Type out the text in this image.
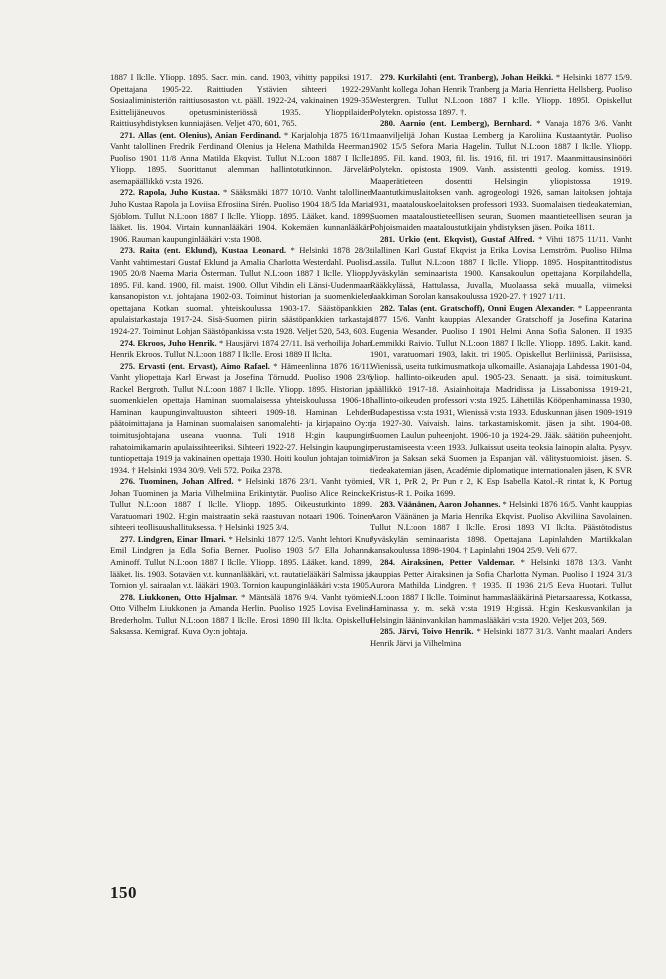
1887 I lk:lle. Yliopp. 1895. Sacr. min. cand. 1903, vihitty pappiksi 1917. Opettajana 1905-22. Raittiuden Ystävien sihteeri 1922-29. Sosiaaliministeriön raittiusosaston v.t. pääll. 1922-24, vakinainen 1929-35. Esittelijäneuvos opetusministeriössä 1935. Ylioppilaiden Raittiusyhdistyksen kunniajäsen. Veljet 470, 601, 765.

271. Allas (ent. Olenius), Anian Ferdinand. * Karjalohja 1875 16/11. Vanht talollinen Fredrik Ferdinand Olenius ja Helena Mathilda Heerman. Puoliso 1901 11/8 Anna Matilda Ekqvist. Tullut N.L:oon 1887 I lk:lle. Yliopp. 1895. Suorittanut alemman hallintotutkinnon. Järvelän asemapäällikkö v:sta 1926.

272. Rapola, Juho Kustaa. * Sääksmäki 1877 10/10. Vanht talollinen Juho Kustaa Rapola ja Loviisa Efrosiina Sirén. Puoliso 1904 18/5 Ida Maria Sjöblom. Tullut N.L:oon 1887 I lk:lle. Yliopp. 1895. Lääket. kand. 1899, lääket. lis. 1904. Virtain kunnanlääkäri 1904. Kokemäen kunnanlääkäri 1906. Rauman kaupunginlääkäri v:sta 1908.

273. Raita (ent. Eklund), Kustaa Leonard. * Helsinki 1878 28/3. Vanht vahtimestari Gustaf Eklund ja Amalia Charlotta Westerdahl. Puoliso 1905 20/8 Naema Maria Österman. Tullut N.L:oon 1887 I lk:lle. Yliopp. 1895. Fil. kand. 1900, fil. maist. 1900. Ollut Vihdin eli Länsi-Uudenmaan kansanopiston v.t. johtajana 1902-03. Toiminut historian ja suomenkielen opettajana Kotkan suomal. yhteiskoulussa 1903-17. Säästöpankkien apulaistarkastaja 1917-24. Sisä-Suomen piirin säästöpankkien tarkastaja 1924-27. Toiminut Lohjan Säästöpankissa v:sta 1928. Veljet 520, 543, 603.

274. Ekroos, Juho Henrik. * Hausjärvi 1874 27/11. Isä verhoilija Johan Henrik Ekroos. Tullut N.L:oon 1887 I lk:lle. Erosi 1889 II lk:lta.

275. Ervasti (ent. Ervast), Aimo Rafael. * Hämeenlinna 1876 16/11. Vanht yliopettaja Karl Erwast ja Josefina Törnudd. Puoliso 1908 23/6 Rackel Bergroth. Tullut N.L:oon 1887 I lk:lle. Yliopp. 1895. Historian ja suomenkielen opettaja Haminan suomalaisessa yhteiskoulussa 1906-18. Haminan kaupunginvaltuuston sihteeri 1909-18. Haminan Lehden päätoimittajana ja Haminan suomalaisen sanomalehti- ja kirjapaino Oy:n toimitusjohtajana useana vuonna. Tuli 1918 H:gin kaupungin rahatoimikamarin apulaissihteeriksi. Sihteeri 1922-27. Helsingin kaupungin tuntiopettaja 1919 ja vakinainen opettaja 1930. Hoiti koulun johtajan toimia 1934. † Helsinki 1934 30/9. Veli 572. Poika 2378.

276. Tuominen, Johan Alfred. * Helsinki 1876 23/1. Vanht työmies Johan Tuominen ja Maria Vilhelmiina Erikintytär. Puoliso Alice Reincke. Tullut N.L:oon 1887 I lk:lle. Yliopp. 1895. Oikeustutkinto 1899. Varatuomari 1902. H:gin maistraatin sekä raastuvan notaari 1906. Toinen sihteeri teollisuushallituksessa. † Helsinki 1925 3/4.

277. Lindgren, Einar Ilmari. * Helsinki 1877 12/5. Vanht lehtori Knut Emil Lindgren ja Edla Sofia Berner. Puoliso 1903 5/7 Ella Johanna Aminoff. Tullut N.L:oon 1887 I lk:lle. Yliopp. 1895. Lääket. kand. 1899, lääket. lis. 1903. Sotaväen v.t. kunnanlääkäri, v.t. rautatielääkäri Salmissa ja Tornion yl. sairaalan v.t. lääkäri 1903. Tornion kaupunginlääkäri v:sta 1905.

278. Liukkonen, Otto Hjalmar. * Mäntsälä 1876 9/4. Vanht työmies Otto Vilhelm Liukkonen ja Amanda Herlin. Puoliso 1925 Lovisa Evelina Brederholm. Tullut N.L:oon 1887 I lk:lle. Erosi 1890 III lk:lta. Opiskellut Saksassa. Kemigraf. Kuva Oy:n johtaja.

279. Kurkilahti (ent. Tranberg), Johan Heikki. * Helsinki 1877 15/9. Vanht kollega Johan Henrik Tranberg ja Maria Henrietta Hellsberg. Puoliso Westergren. Tullut N.L:oon 1887 I k:lle. Yliopp. 1895l. Opiskellut Polytekn. opistossa 1897. †.

280. Aarnio (ent. Lemberg), Bernhard. * Vanaja 1876 3/6. Vanht maanviljelijä Johan Kustaa Lemberg ja Karoliina Kustaantytär. Puoliso 1902 15/5 Sefora Maria Hagelin. Tullut N.L:oon 1887 I lk:lle. Yliopp. 1895. Fil. kand. 1903, fil. lis. 1916, fil. tri 1917. Maanmittausinsinööri Polytekn. opistosta 1909. Vanh. assistentti geolog. komiss. 1919. Maaperätieteen dosentti Helsingin yliopistossa 1919. Maantutkimuslaitoksen vanh. agrogeologi 1926, saman laitoksen johtaja 1931, maatalouskoelaitoksen professori 1933. Suomalaisen tiedeakatemian, Suomen maataloustieteellisen seuran, Suomen maantieteellisen seuran ja Pohjoismaiden maataloustutkijain yhdistyksen jäsen. Poika 1811.

281. Urkio (ent. Ekqvist), Gustaf Alfred. * Vihti 1875 11/11. Vanht tilallinen Karl Gustaf Ekqvist ja Erika Lovisa Lemström. Puoliso Hilma Lassila. Tullut N.L:oon 1887 I lk:lle. Yliopp. 1895. Hospitanttitodistus Jyväskylän seminaarista 1900. Kansakoulun opettajana Korpilahdella, Rääkkylässä, Hattulassa, Juvalla, Muolaassa sekä muualla, viimeksi Jaakkiman Sorolan kansakoulussa 1920-27. † 1927 1/11.

282. Talas (ent. Gratschoff), Onni Eugen Alexander. * Lappeenranta 1877 15/6. Vanht kauppias Alexander Gratschoff ja Josefina Katarina Eugenia Wesander. Puoliso I 1901 Helmi Anna Sofia Salonen. II 1935 Lemmikki Raivio. Tullut N.L:oon 1887 I lk:lle. Yliopp. 1895. Lakit. kand. 1901, varatuomari 1903, lakit. tri 1905. Opiskellut Berliinissä, Pariisissa, Wienissä, useita tutkimusmatkoja ulkomaille. Asianajaja Lahdessa 1901-04, yliop. hallinto-oikeuden apul. 1905-23. Senaatt. ja sisä. toimituskunt. päällikkö 1917-18. Asiainhoitaja Madridissa ja Lissabonissa 1919-21, hallinto-oikeuden professori v:sta 1925. Lähettiläs Kööpenhaminassa 1930, Budapestissa v:sta 1931, Wienissä v:sta 1933. Eduskunnan jäsen 1909-1919 ja 1927-30. Vaivaish. lains. tarkastamiskomit. jäsen ja siht. 1904-08. Suomen Laulun puheenjoht. 1906-10 ja 1924-29. Jääk. säätiön puheenjoht. perustamiseesta v:een 1933. Julkaissut useita teoksia lainopin alalta. Pysyv. Viron ja Saksan sekä Suomen ja Espanjan väl. välitystuomioist. jäsen. S. tiedeakatemian jäsen, Académie diplomatique internationalen jäsen, K SVR I, VR 1, PrR 2, Pr Pun r 2, K Esp Isabella Katol.-R rintat k, K Portug Kristus-R 1. Poika 1699.

283. Väänänen, Aaron Johannes. * Helsinki 1876 16/5. Vanht kauppias Aaron Väänänen ja Maria Henrika Ekqvist. Puoliso Akviliina Savolainen. Tullut N.L:oon 1887 I lk:lle. Erosi 1893 VI lk:lta. Päästötodistus Jyväskylän seminaarista 1898. Opettajana Lapinlahden Martikkalan kansakoulussa 1898-1904. † Lapinlahti 1904 25/9. Veli 677.

284. Airaksinen, Petter Valdemar. * Helsinki 1878 13/3. Vanht kauppias Petter Airaksinen ja Sofia Charlotta Nyman. Puoliso I 1924 31/3 Aurora Mathilda Lindgren. † 1935. II 1936 21/5 Eeva Huotari. Tullut N.L:oon 1887 I lk:lle. Toiminut hammaslääkärinä Pietarsaaressa, Kotkassa, Haminassa y. m. sekä v:sta 1919 H:gissä. H:gin Keskusvankilan ja Helsingin lääninvankilan hammaslääkäri v:sta 1920. Veljet 203, 569.

285. Järvi, Toivo Henrik. * Helsinki 1877 31/3. Vanht maalari Anders Henrik Järvi ja Vilhelmina

150
